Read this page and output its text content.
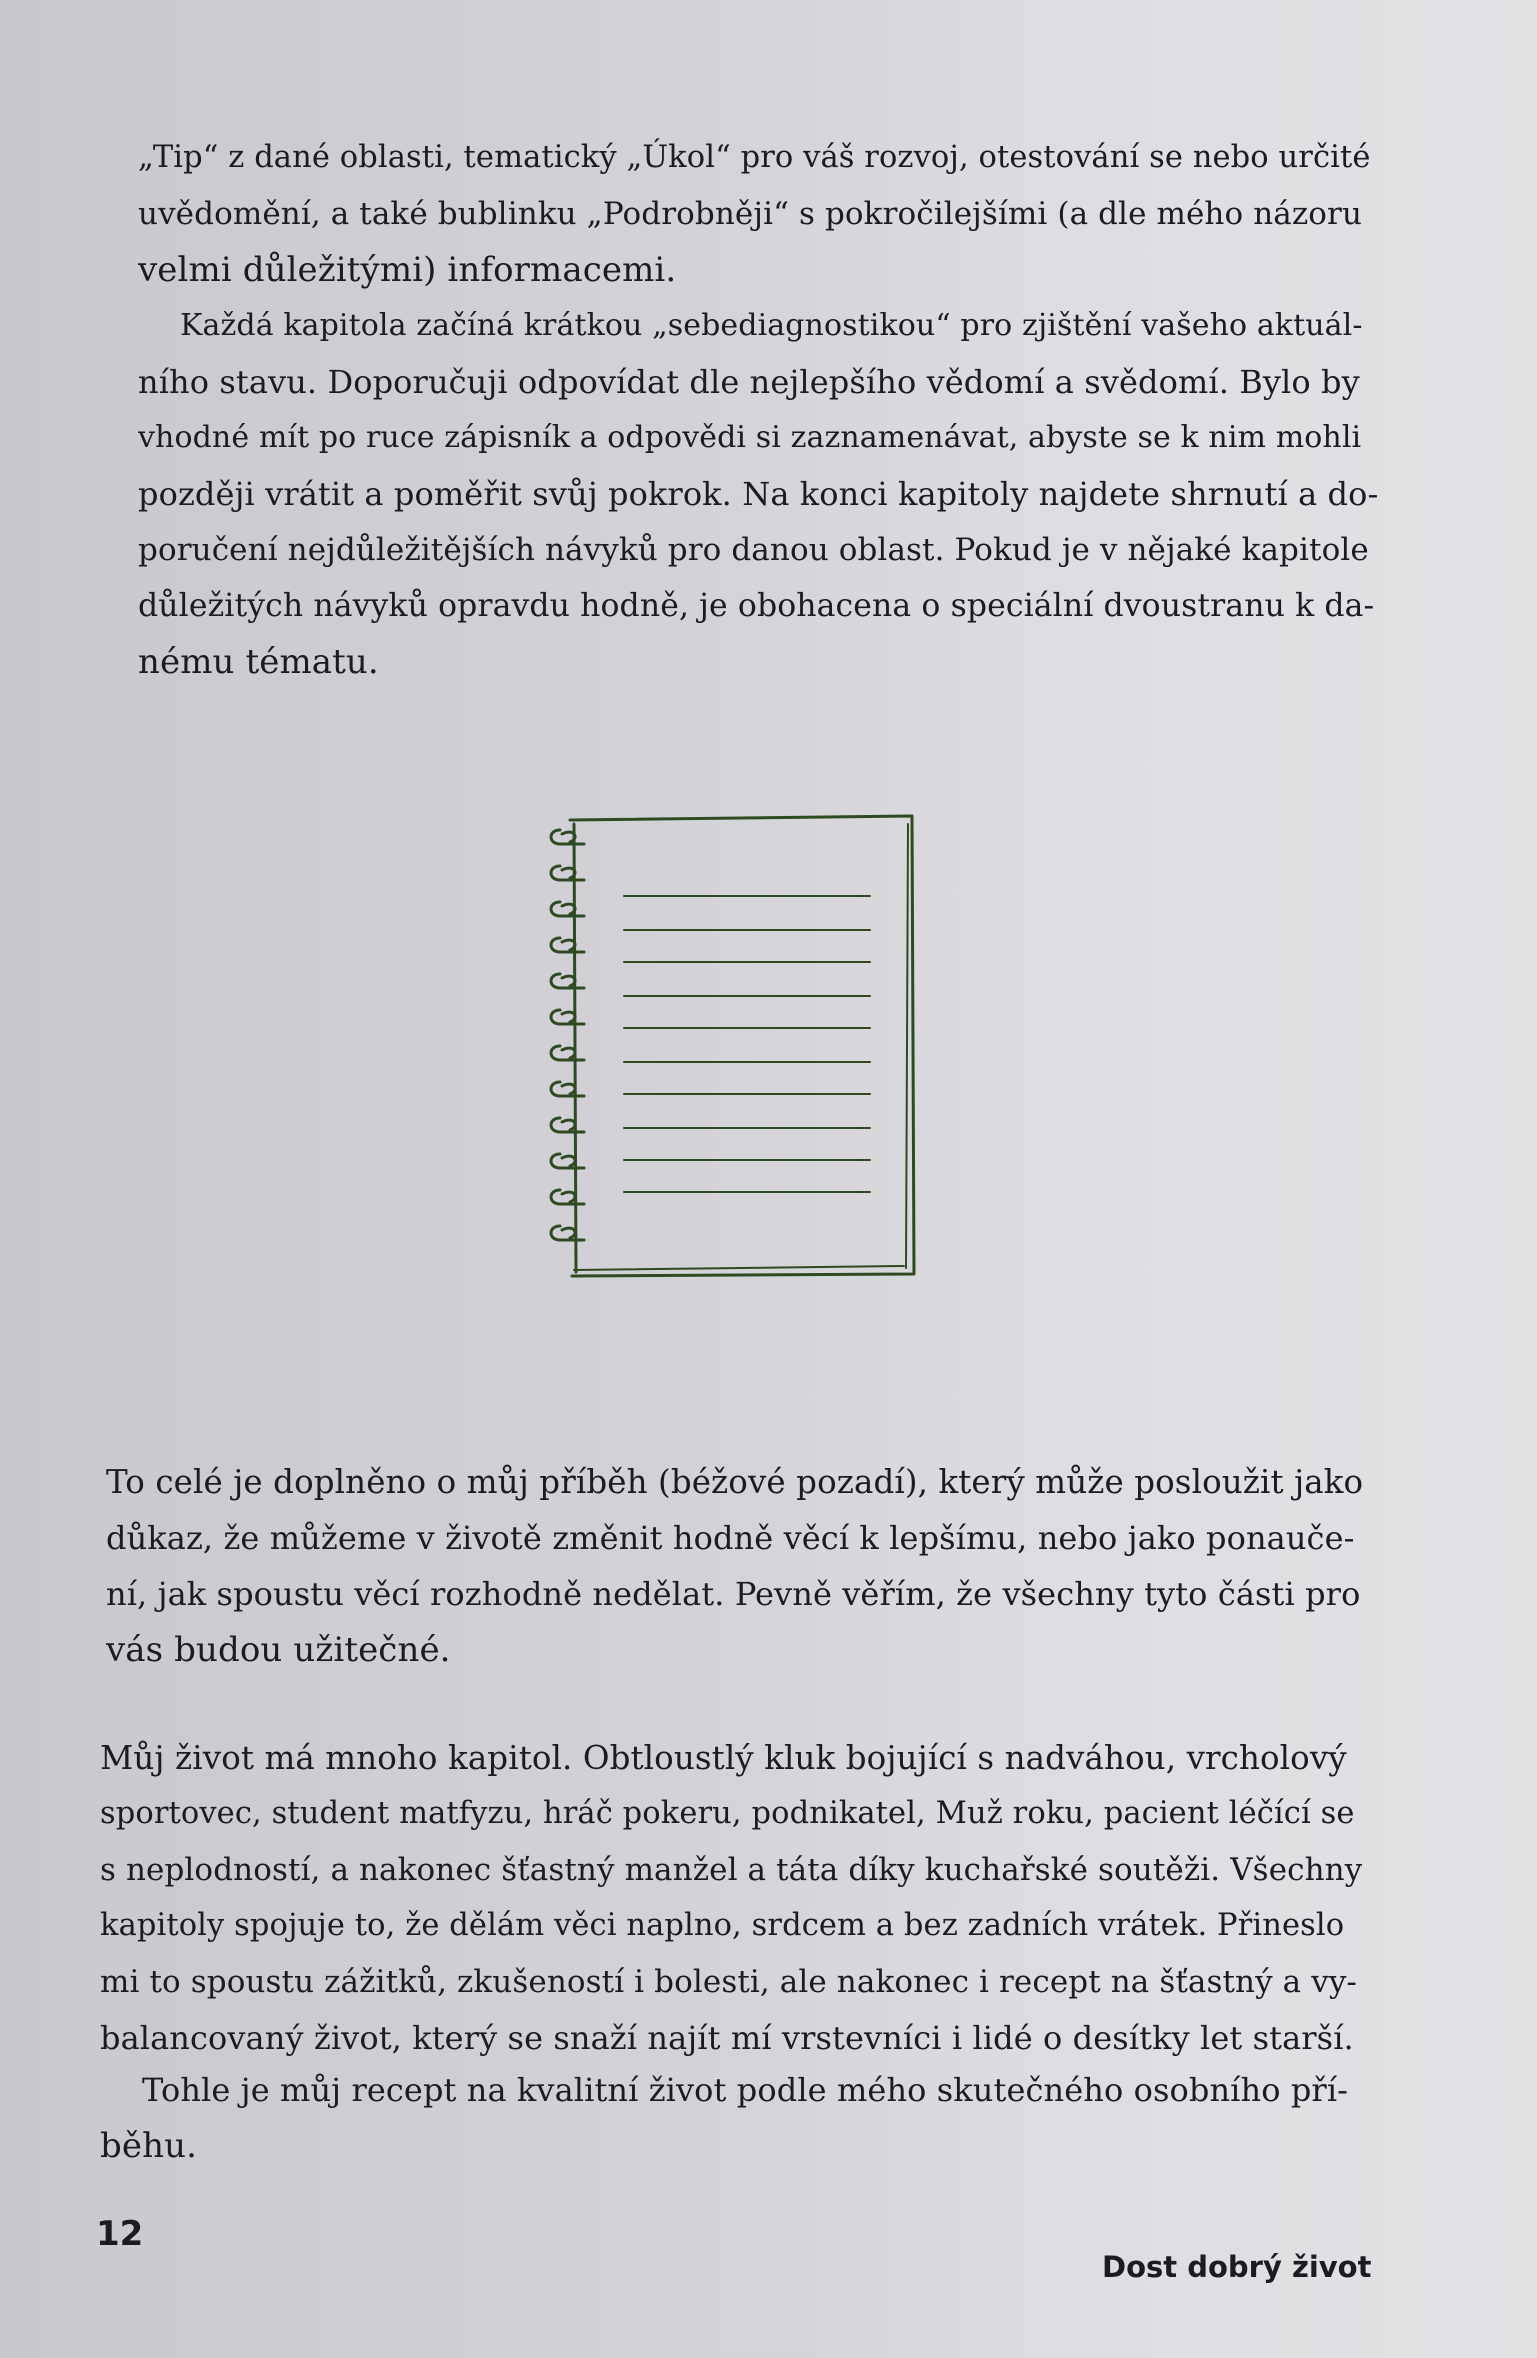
„Tip“ z dané oblasti, tematický „Úkol“ pro váš rozvoj, otestování se nebo určité
uvědomění, a také bublinku „Podrobněji“ s pokročilejšími (a dle mého názoru
velmi důležitými) informacemi.
Každá kapitola začíná krátkou „sebediagnostikou“ pro zjištění vašeho aktuál-
ního stavu. Doporučuji odpovídat dle nejlepšího vědomí a svědomí. Bylo by
vhodné mít po ruce zápisník a odpovědi si zaznamenávat, abyste se k nim mohli
později vrátit a poměřit svůj pokrok. Na konci kapitoly najdete shrnutí a do-
poručení nejdůležitějších návyků pro danou oblast. Pokud je v nějaké kapitole
důležitých návyků opravdu hodně, je obohacena o speciální dvoustranu k da-
nému tématu.
To celé je doplněno o můj příběh (béžové pozadí), který může posloužit jako
důkaz, že můžeme v životě změnit hodně věcí k lepšímu, nebo jako ponauče-
ní, jak spoustu věcí rozhodně nedělat. Pevně věřím, že všechny tyto části pro
vás budou užitečné.
Můj život má mnoho kapitol. Obtloustlý kluk bojující s nadváhou, vrcholový
sportovec, student matfyzu, hráč pokeru, podnikatel, Muž roku, pacient léčící se
s neplodností, a nakonec šťastný manžel a táta díky kuchařské soutěži. Všechny
kapitoly spojuje to, že dělám věci naplno, srdcem a bez zadních vrátek. Přineslo
mi to spoustu zážitků, zkušeností i bolesti, ale nakonec i recept na šťastný a vy-
balancovaný život, který se snaží najít mí vrstevníci i lidé o desítky let starší.
Tohle je můj recept na kvalitní život podle mého skutečného osobního pří-
běhu.
12
Dost dobrý život
